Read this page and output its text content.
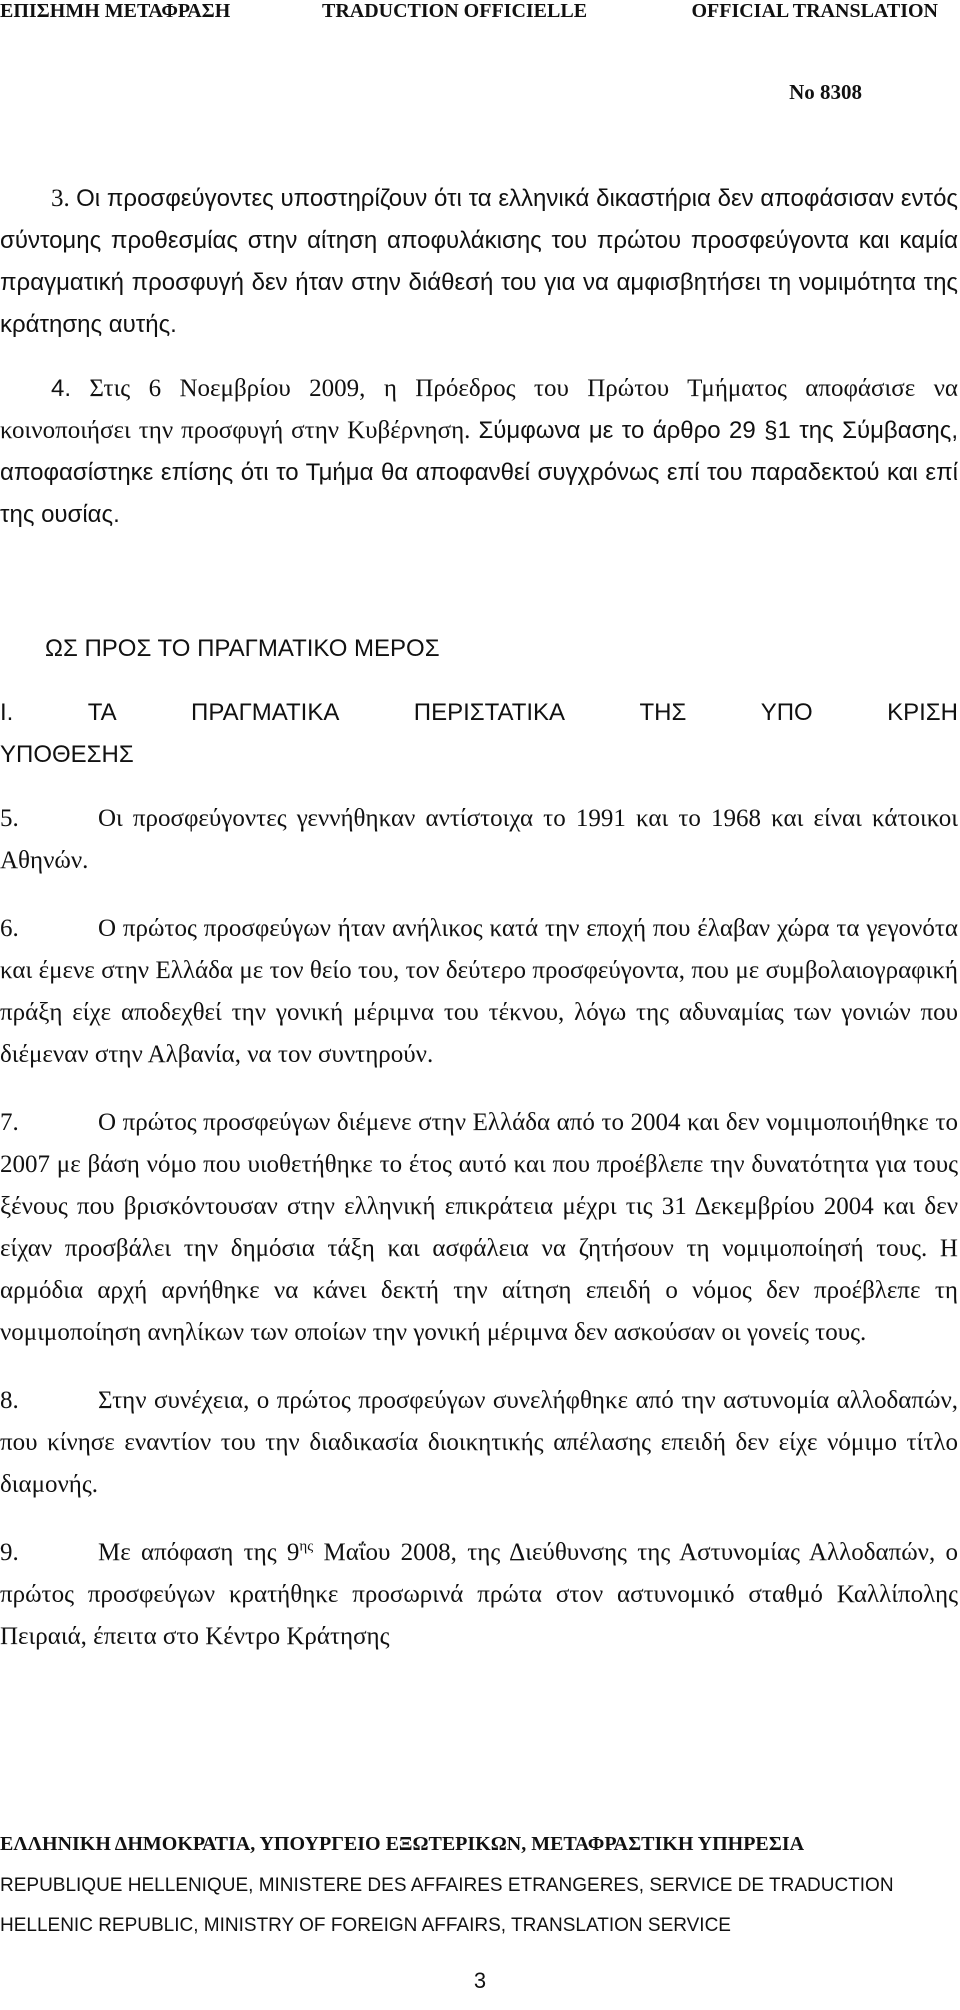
ΕΠΙΣΗΜΗ ΜΕΤΑΦΡΑΣΗ	TRADUCTION OFFICIELLE	OFFICIAL TRANSLATION
No 8308

3. Οι προσφεύγοντες υποστηρίζουν ότι τα ελληνικά δικαστήρια δεν αποφάσισαν εντός σύντομης προθεσμίας στην αίτηση αποφυλάκισης του πρώτου προσφεύγοντα και καμία πραγματική προσφυγή δεν ήταν στην διάθεσή του για να αμφισβητήσει τη νομιμότητα της κράτησης αυτής.

4. Στις 6 Νοεμβρίου 2009, η Πρόεδρος του Πρώτου Τμήματος αποφάσισε να κοινοποιήσει την προσφυγή στην Κυβέρνηση. Σύμφωνα με το άρθρο 29 §1 της Σύμβασης, αποφασίστηκε επίσης ότι το Τμήμα θα αποφανθεί συγχρόνως επί του παραδεκτού και επί της ουσίας.

ΩΣ ΠΡΟΣ ΤΟ ΠΡΑΓΜΑΤΙΚΟ ΜΕΡΟΣ

I.	ΤΑ	ΠΡΑΓΜΑΤΙΚΑ	ΠΕΡΙΣΤΑΤΙΚΑ	ΤΗΣ	ΥΠΟ	ΚΡΙΣΗ
ΥΠΟΘΕΣΗΣ

5.	Οι προσφεύγοντες γεννήθηκαν αντίστοιχα το 1991 και το 1968 και είναι κάτοικοι Αθηνών.

6.	Ο πρώτος προσφεύγων ήταν ανήλικος κατά την εποχή που έλαβαν χώρα τα γεγονότα και έμενε στην Ελλάδα με τον θείο του, τον δεύτερο προσφεύγοντα, που με συμβολαιογραφική πράξη είχε αποδεχθεί την γονική μέριμνα του τέκνου, λόγω της αδυναμίας των γονιών που διέμεναν στην Αλβανία, να τον συντηρούν.

7.	Ο πρώτος προσφεύγων διέμενε στην Ελλάδα από το 2004 και δεν νομιμοποιήθηκε το 2007 με βάση νόμο που υιοθετήθηκε το έτος αυτό και που προέβλεπε την δυνατότητα για τους ξένους που βρισκόντουσαν στην ελληνική επικράτεια μέχρι τις 31 Δεκεμβρίου 2004 και δεν είχαν προσβάλει την δημόσια τάξη και ασφάλεια να ζητήσουν τη νομιμοποίησή τους. Η αρμόδια αρχή αρνήθηκε να κάνει δεκτή την αίτηση επειδή ο νόμος δεν προέβλεπε τη νομιμοποίηση ανηλίκων των οποίων την γονική μέριμνα δεν ασκούσαν οι γονείς τους.

8.	Στην συνέχεια, ο πρώτος προσφεύγων συνελήφθηκε από την αστυνομία αλλοδαπών, που κίνησε εναντίον του την διαδικασία διοικητικής απέλασης επειδή δεν είχε νόμιμο τίτλο διαμονής.

9.	Με απόφαση της $9^{\eta\varsigma}$ Μαΐου 2008, της Διεύθυνσης της Αστυνομίας Αλλοδαπών, ο πρώτος προσφεύγων κρατήθηκε προσωρινά πρώτα στον αστυνομικό σταθμό Καλλίπολης Πειραιά, έπειτα στο Κέντρο Κράτησης

ΕΛΛΗΝΙΚΗ ΔΗΜΟΚΡΑΤΙΑ, ΥΠΟΥΡΓΕΙΟ ΕΞΩΤΕΡΙΚΩΝ, ΜΕΤΑΦΡΑΣΤΙΚΗ ΥΠΗΡΕΣΙΑ
REPUBLIQUE HELLENIQUE, MINISTERE DES AFFAIRES ETRANGERES, SERVICE DE TRADUCTION
HELLENIC REPUBLIC, MINISTRY OF FOREIGN AFFAIRS, TRANSLATION SERVICE
3
